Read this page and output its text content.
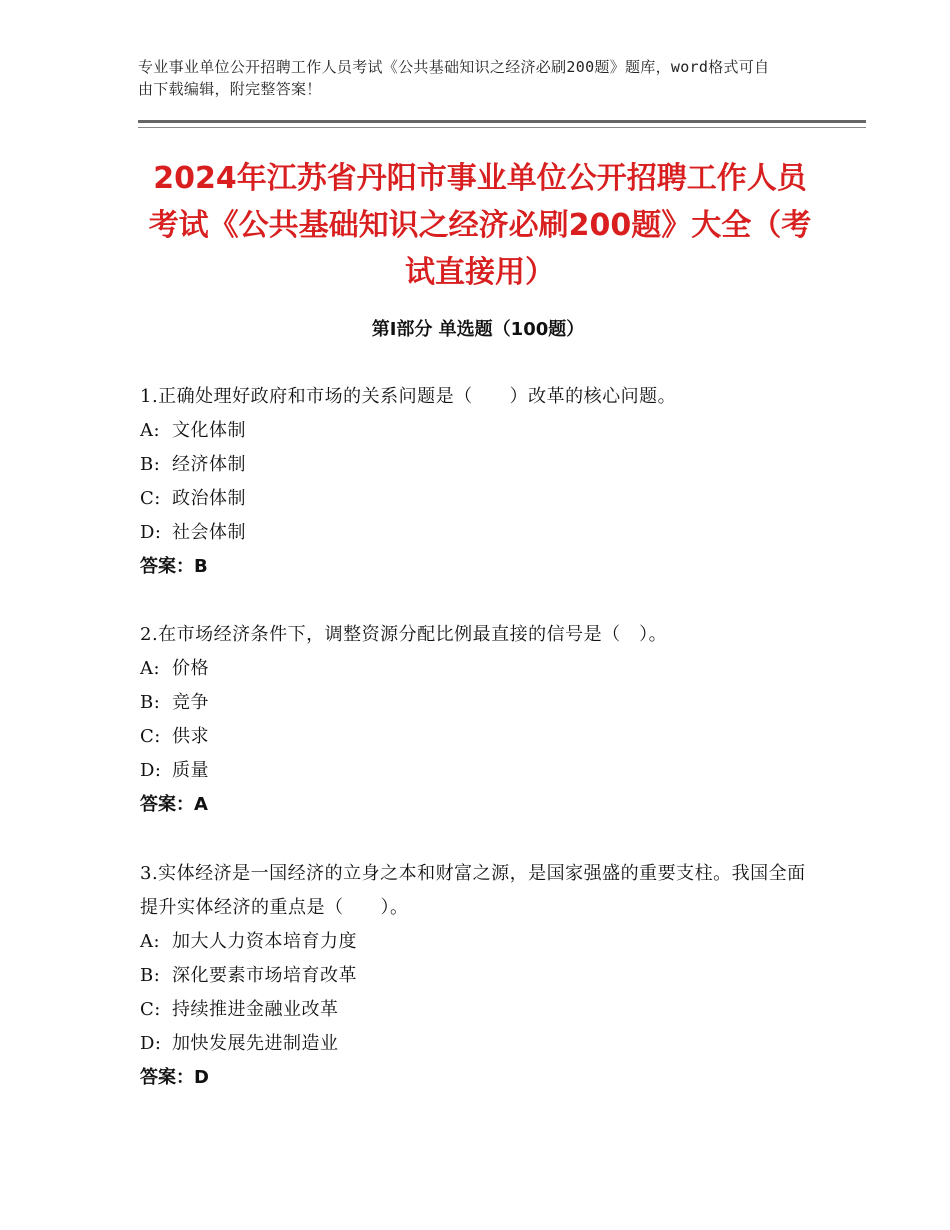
专业事业单位公开招聘工作人员考试《公共基础知识之经济必刷200题》题库，word格式可自由下载编辑，附完整答案！
2024年江苏省丹阳市事业单位公开招聘工作人员考试《公共基础知识之经济必刷200题》大全（考试直接用）
第Ⅰ部分 单选题（100题）
1.正确处理好政府和市场的关系问题是（　　）改革的核心问题。
A: 文化体制
B: 经济体制
C: 政治体制
D: 社会体制
答案：B
2.在市场经济条件下，调整资源分配比例最直接的信号是（　）。
A: 价格
B: 竞争
C: 供求
D: 质量
答案：A
3.实体经济是一国经济的立身之本和财富之源，是国家强盛的重要支柱。我国全面提升实体经济的重点是（　　）。
A: 加大人力资本培育力度
B: 深化要素市场培育改革
C: 持续推进金融业改革
D: 加快发展先进制造业
答案：D
